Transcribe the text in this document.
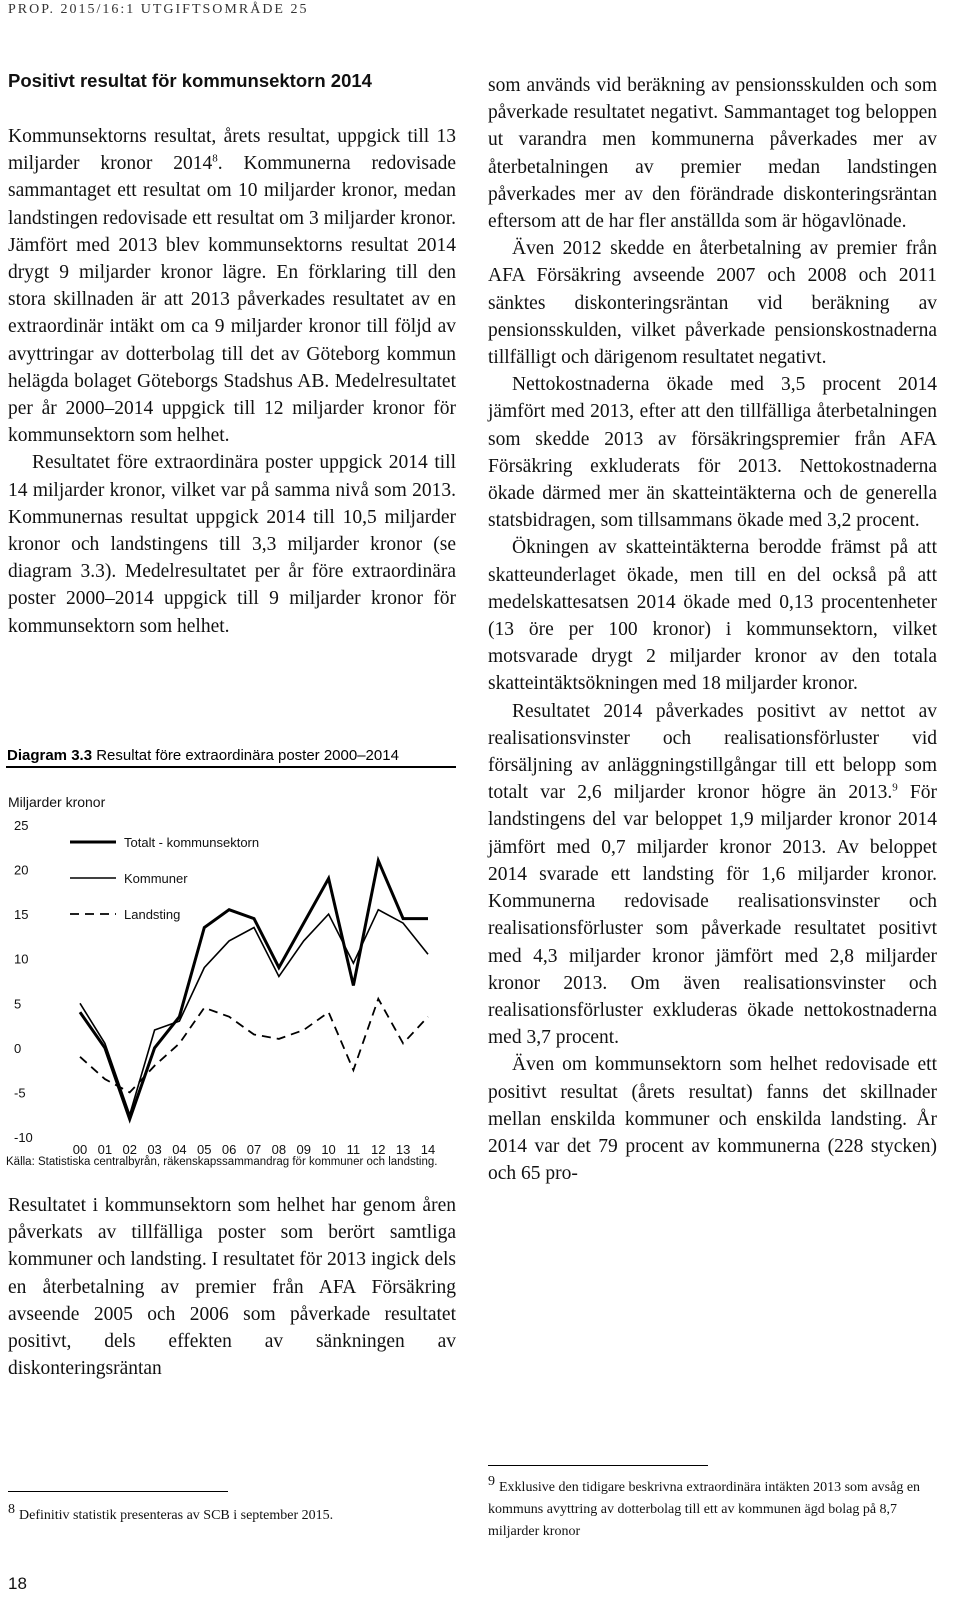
PROP. 2015/16:1 UTGIFTSOMRÅDE 25
Positivt resultat för kommunsektorn 2014

Kommunsektorns resultat, årets resultat, uppgick till 13 miljarder kronor 2014$^8$. Kommunerna redovisade sammantaget ett resultat om 10 miljarder kronor, medan landstingen redovisade ett resultat om 3 miljarder kronor. Jämfört med 2013 blev kommunsektorns resultat 2014 drygt 9 miljarder kronor lägre. En förklaring till den stora skillnaden är att 2013 påverkades resultatet av en extraordinär intäkt om ca 9 miljarder kronor till följd av avyttringar av dotterbolag till det av Göteborg kommun helägda bolaget Göteborgs Stadshus AB. Medelresultatet per år 2000–2014 uppgick till 12 miljarder kronor för kommunsektorn som helhet.

Resultatet före extraordinära poster uppgick 2014 till 14 miljarder kronor, vilket var på samma nivå som 2013. Kommunernas resultat uppgick 2014 till 10,5 miljarder kronor och landstingens till 3,3 miljarder kronor (se diagram 3.3). Medelresultatet per år före extraordinära poster 2000–2014 uppgick till 9 miljarder kronor för kommunsektorn som helhet.

Diagram 3.3 Resultat före extraordinära poster 2000–2014
Miljarder kronor
25
20
15
10
5
0
-5
-10
00 01 02 03 04 05 06 07 08 09 10 11 12 13 14
Totalt - kommunsektorn
Kommuner
Landsting
Källa: Statistiska centralbyrån, räkenskapssammandrag för kommuner och landsting.

Resultatet i kommunsektorn som helhet har genom åren påverkats av tillfälliga poster som berört samtliga kommuner och landsting. I resultatet för 2013 ingick dels en återbetalning av premier från AFA Försäkring avseende 2005 och 2006 som påverkade resultatet positivt, dels effekten av sänkningen av diskonteringsräntan

som används vid beräkning av pensionsskulden och som påverkade resultatet negativt. Sammantaget tog beloppen ut varandra men kommunerna påverkades mer av återbetalningen av premier medan landstingen påverkades mer av den förändrade diskonteringsräntan eftersom att de har fler anställda som är högavlönade.

Även 2012 skedde en återbetalning av premier från AFA Försäkring avseende 2007 och 2008 och 2011 sänktes diskonteringsräntan vid beräkning av pensionsskulden, vilket påverkade pensionskostnaderna tillfälligt och därigenom resultatet negativt.

Nettokostnaderna ökade med 3,5 procent 2014 jämfört med 2013, efter att den tillfälliga återbetalningen som skedde 2013 av försäkringspremier från AFA Försäkring exkluderats för 2013. Nettokostnaderna ökade därmed mer än skatteintäkterna och de generella statsbidragen, som tillsammans ökade med 3,2 procent.

Ökningen av skatteintäkterna berodde främst på att skatteunderlaget ökade, men till en del också på att medelskattesatsen 2014 ökade med 0,13 procentenheter (13 öre per 100 kronor) i kommunsektorn, vilket motsvarade drygt 2 miljarder kronor av den totala skatteintäktsökningen med 18 miljarder kronor.

Resultatet 2014 påverkades positivt av nettot av realisationsvinster och realisationsförluster vid försäljning av anläggningstillgångar till ett belopp som totalt var 2,6 miljarder kronor högre än 2013.$^9$ För landstingens del var beloppet 1,9 miljarder kronor 2014 jämfört med 0,7 miljarder kronor 2013. Av beloppet 2014 svarade ett landsting för 1,6 miljarder kronor. Kommunerna redovisade realisationsvinster och realisationsförluster som påverkade resultatet positivt med 4,3 miljarder kronor jämfört med 2,8 miljarder kronor 2013. Om även realisationsvinster och realisationsförluster exkluderas ökade nettokostnaderna med 3,7 procent.

Även om kommunsektorn som helhet redovisade ett positivt resultat (årets resultat) fanns det skillnader mellan enskilda kommuner och enskilda landsting. År 2014 var det 79 procent av kommunerna (228 stycken) och 65 pro-

8 Definitiv statistik presenteras av SCB i september 2015.
9 Exklusive den tidigare beskrivna extraordinära intäkten 2013 som avsåg en kommuns avyttring av dotterbolag till ett av kommunen ägd bolag på 8,7 miljarder kronor
18
